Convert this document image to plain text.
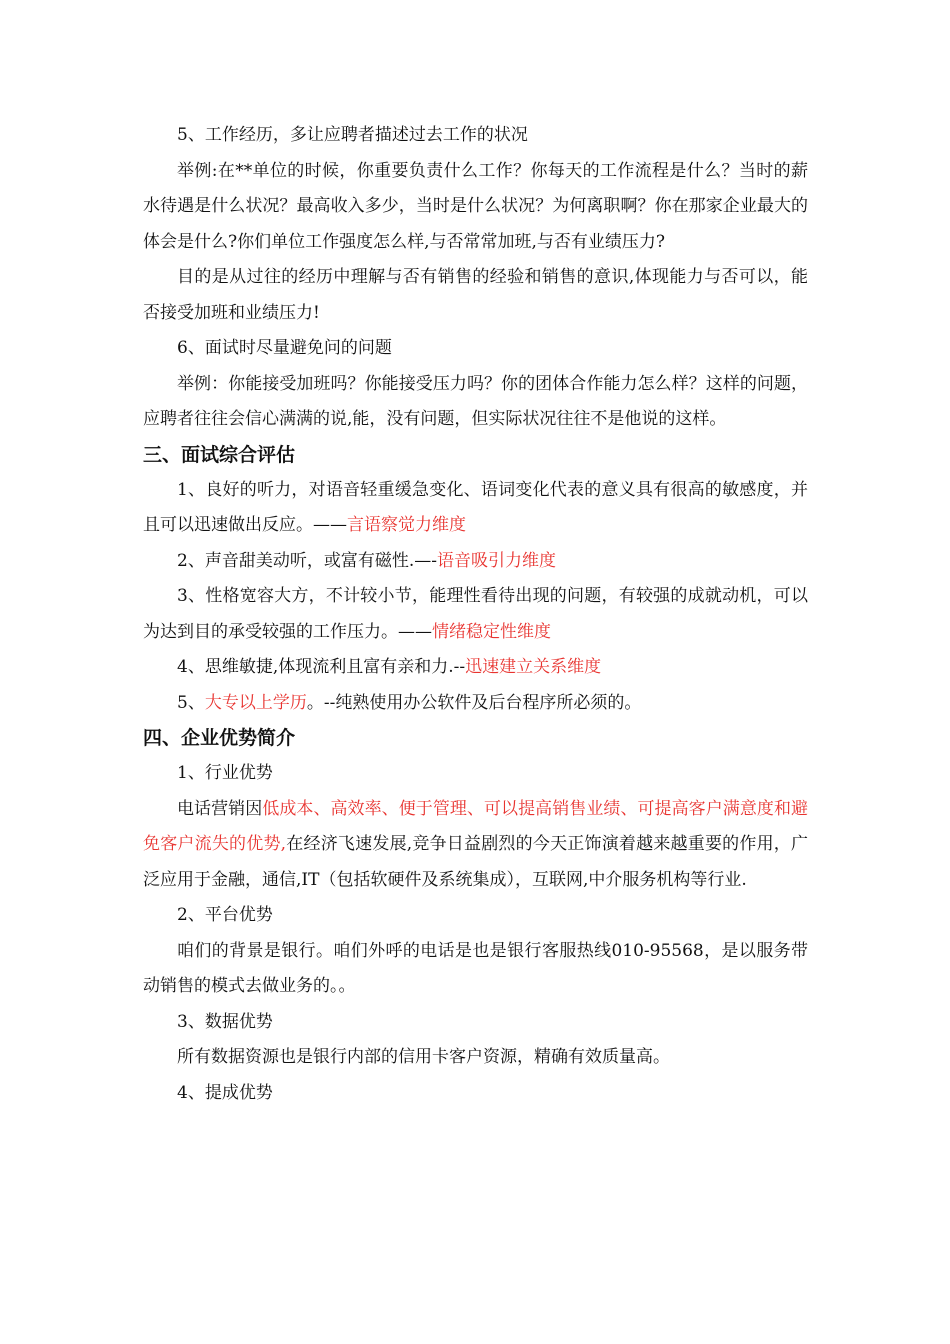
5、工作经历，多让应聘者描述过去工作的状况

举例:在**单位的时候，你重要负责什么工作？你每天的工作流程是什么？当时的薪水待遇是什么状况？最高收入多少，当时是什么状况？为何离职啊？你在那家企业最大的体会是什么?你们单位工作强度怎么样,与否常常加班,与否有业绩压力?

目的是从过往的经历中理解与否有销售的经验和销售的意识,体现能力与否可以，能否接受加班和业绩压力!

6、面试时尽量避免问的问题

举例：你能接受加班吗？你能接受压力吗？你的团体合作能力怎么样？这样的问题，应聘者往往会信心满满的说,能，没有问题，但实际状况往往不是他说的这样。

三、面试综合评估

1、良好的听力，对语音轻重缓急变化、语词变化代表的意义具有很高的敏感度，并且可以迅速做出反应。——言语察觉力维度

2、声音甜美动听，或富有磁性.—-语音吸引力维度

3、性格宽容大方，不计较小节，能理性看待出现的问题，有较强的成就动机，可以为达到目的承受较强的工作压力。——情绪稳定性维度

4、思维敏捷,体现流利且富有亲和力.--迅速建立关系维度

5、大专以上学历。--纯熟使用办公软件及后台程序所必须的。

四、企业优势简介

1、行业优势

电话营销因低成本、高效率、便于管理、可以提高销售业绩、可提高客户满意度和避免客户流失的优势,在经济飞速发展,竞争日益剧烈的今天正饰演着越来越重要的作用，广泛应用于金融，通信,IT（包括软硬件及系统集成），互联网,中介服务机构等行业.

2、平台优势

咱们的背景是银行。咱们外呼的电话是也是银行客服热线010-95568，是以服务带动销售的模式去做业务的。。

3、数据优势

所有数据资源也是银行内部的信用卡客户资源，精确有效质量高。

4、提成优势
